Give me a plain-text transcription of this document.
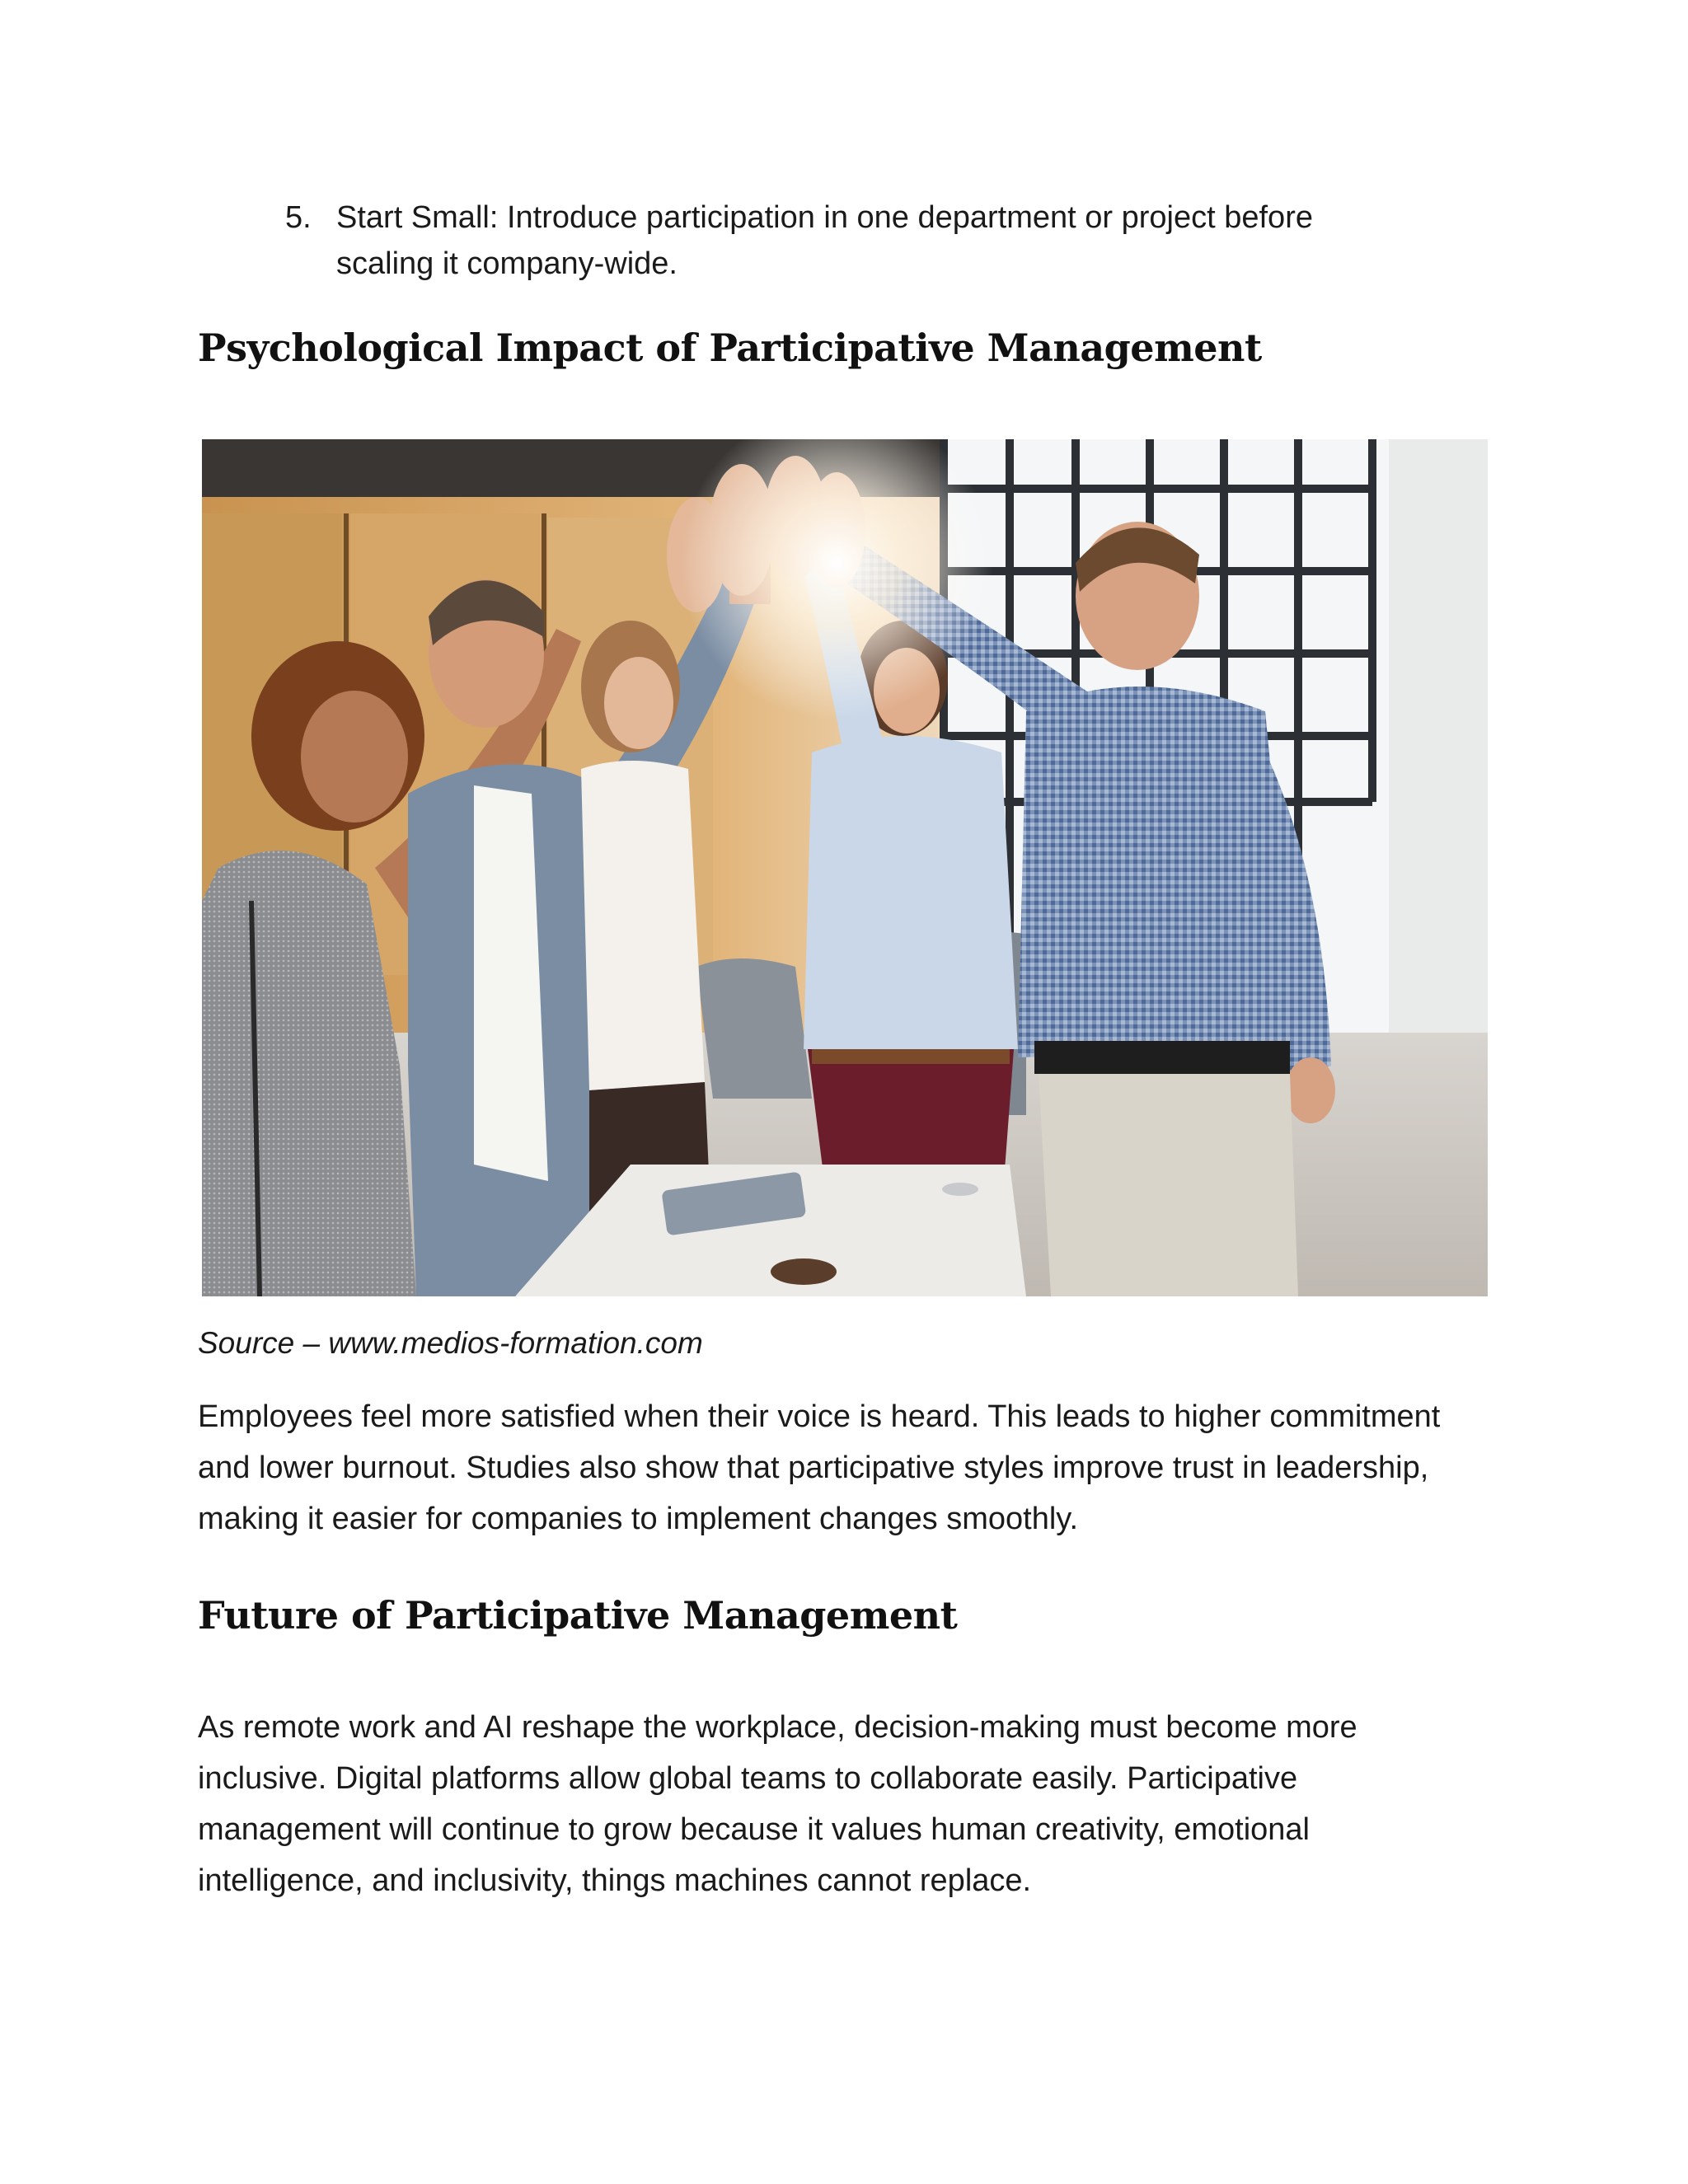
5. Start Small: Introduce participation in one department or project before scaling it company-wide.
Psychological Impact of Participative Management
Source – www.medios-formation.com

Employees feel more satisfied when their voice is heard. This leads to higher commitment and lower burnout. Studies also show that participative styles improve trust in leadership, making it easier for companies to implement changes smoothly.

Future of Participative Management

As remote work and AI reshape the workplace, decision-making must become more inclusive. Digital platforms allow global teams to collaborate easily. Participative management will continue to grow because it values human creativity, emotional intelligence, and inclusivity, things machines cannot replace.
